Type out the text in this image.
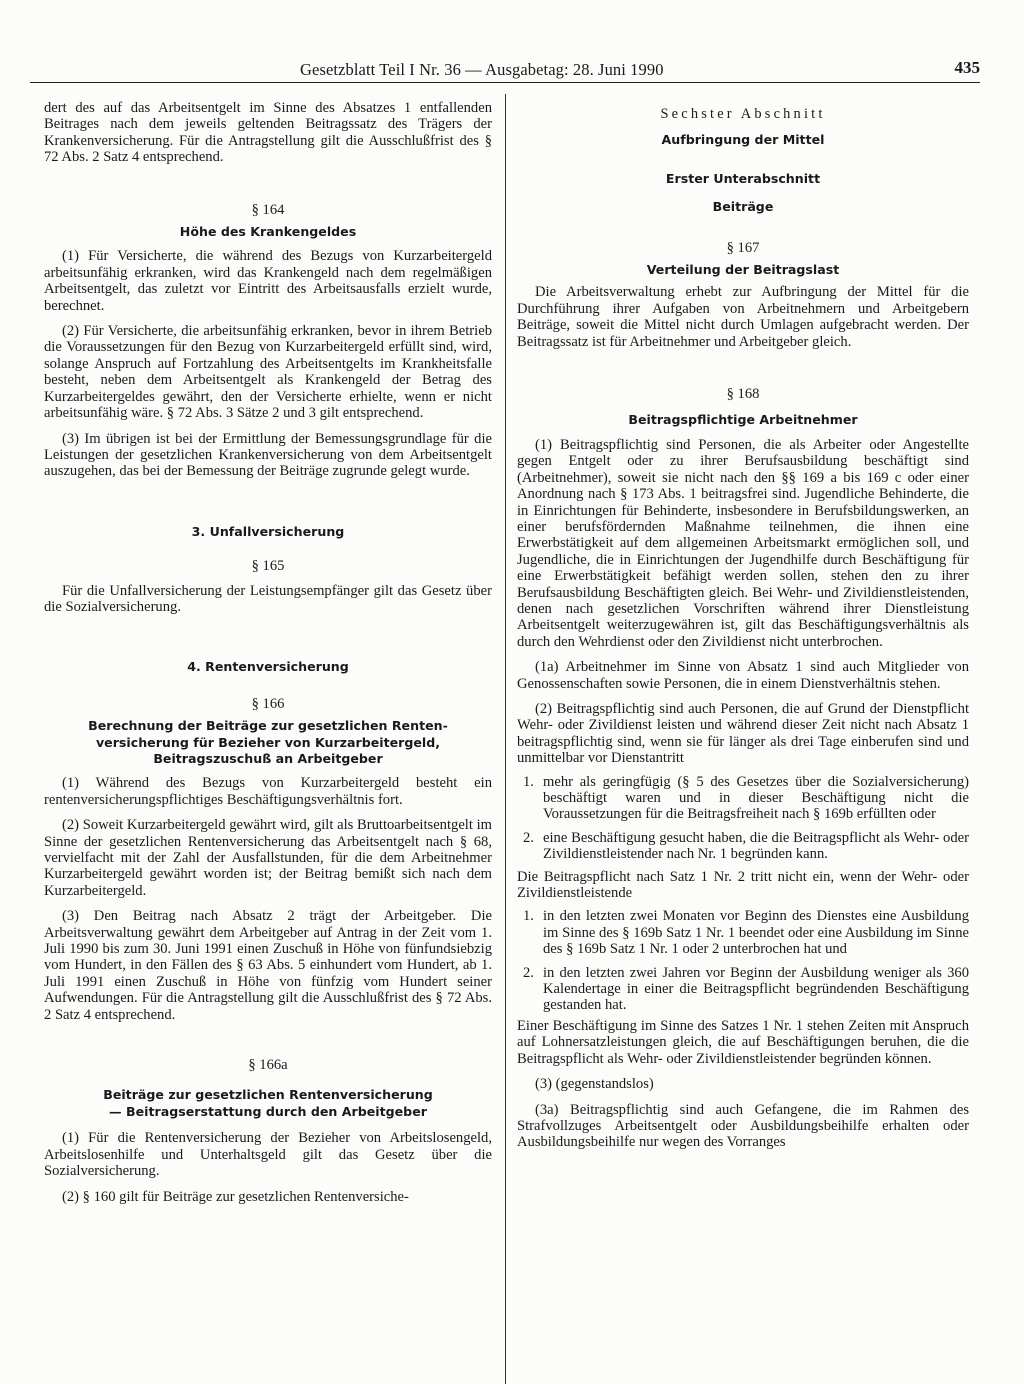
Gesetzblatt Teil I Nr. 36 — Ausgabetag: 28. Juni 1990	435

dert des auf das Arbeitsentgelt im Sinne des Absatzes 1 entfallenden Beitrages nach dem jeweils geltenden Beitragssatz des Trägers der Krankenversicherung. Für die Antragstellung gilt die Ausschlußfrist des § 72 Abs. 2 Satz 4 entsprechend.

§ 164
Höhe des Krankengeldes

(1) Für Versicherte, die während des Bezugs von Kurzarbeitergeld arbeitsunfähig erkranken, wird das Krankengeld nach dem regelmäßigen Arbeitsentgelt, das zuletzt vor Eintritt des Arbeitsausfalls erzielt wurde, berechnet.

(2) Für Versicherte, die arbeitsunfähig erkranken, bevor in ihrem Betrieb die Voraussetzungen für den Bezug von Kurzarbeitergeld erfüllt sind, wird, solange Anspruch auf Fortzahlung des Arbeitsentgelts im Krankheitsfalle besteht, neben dem Arbeitsentgelt als Krankengeld der Betrag des Kurzarbeitergeldes gewährt, den der Versicherte erhielte, wenn er nicht arbeitsunfähig wäre. § 72 Abs. 3 Sätze 2 und 3 gilt entsprechend.

(3) Im übrigen ist bei der Ermittlung der Bemessungsgrundlage für die Leistungen der gesetzlichen Krankenversicherung von dem Arbeitsentgelt auszugehen, das bei der Bemessung der Beiträge zugrunde gelegt wurde.

3. Unfallversicherung
§ 165

Für die Unfallversicherung der Leistungsempfänger gilt das Gesetz über die Sozialversicherung.

4. Rentenversicherung
§ 166
Berechnung der Beiträge zur gesetzlichen Renten-
versicherung für Bezieher von Kurzarbeitergeld,
Beitragszuschuß an Arbeitgeber

(1) Während des Bezugs von Kurzarbeitergeld besteht ein rentenversicherungspflichtiges Beschäftigungsverhältnis fort.

(2) Soweit Kurzarbeitergeld gewährt wird, gilt als Bruttoarbeitsentgelt im Sinne der gesetzlichen Rentenversicherung das Arbeitsentgelt nach § 68, vervielfacht mit der Zahl der Ausfallstunden, für die dem Arbeitnehmer Kurzarbeitergeld gewährt worden ist; der Beitrag bemißt sich nach dem Kurzarbeitergeld.

(3) Den Beitrag nach Absatz 2 trägt der Arbeitgeber. Die Arbeitsverwaltung gewährt dem Arbeitgeber auf Antrag in der Zeit vom 1. Juli 1990 bis zum 30. Juni 1991 einen Zuschuß in Höhe von fünfundsiebzig vom Hundert, in den Fällen des § 63 Abs. 5 einhundert vom Hundert, ab 1. Juli 1991 einen Zuschuß in Höhe von fünfzig vom Hundert seiner Aufwendungen. Für die Antragstellung gilt die Ausschlußfrist des § 72 Abs. 2 Satz 4 entsprechend.

§ 166a
Beiträge zur gesetzlichen Rentenversicherung
— Beitragserstattung durch den Arbeitgeber

(1) Für die Rentenversicherung der Bezieher von Arbeitslosengeld, Arbeitslosenhilfe und Unterhaltsgeld gilt das Gesetz über die Sozialversicherung.

(2) § 160 gilt für Beiträge zur gesetzlichen Rentenversiche-

Sechster Abschnitt
Aufbringung der Mittel
Erster Unterabschnitt
Beiträge
§ 167
Verteilung der Beitragslast

Die Arbeitsverwaltung erhebt zur Aufbringung der Mittel für die Durchführung ihrer Aufgaben von Arbeitnehmern und Arbeitgebern Beiträge, soweit die Mittel nicht durch Umlagen aufgebracht werden. Der Beitragssatz ist für Arbeitnehmer und Arbeitgeber gleich.

§ 168
Beitragspflichtige Arbeitnehmer

(1) Beitragspflichtig sind Personen, die als Arbeiter oder Angestellte gegen Entgelt oder zu ihrer Berufsausbildung beschäftigt sind (Arbeitnehmer), soweit sie nicht nach den §§ 169 a bis 169 c oder einer Anordnung nach § 173 Abs. 1 beitragsfrei sind. Jugendliche Behinderte, die in Einrichtungen für Behinderte, insbesondere in Berufsbildungswerken, an einer berufsfördernden Maßnahme teilnehmen, die ihnen eine Erwerbstätigkeit auf dem allgemeinen Arbeitsmarkt ermöglichen soll, und Jugendliche, die in Einrichtungen der Jugendhilfe durch Beschäftigung für eine Erwerbstätigkeit befähigt werden sollen, stehen den zu ihrer Berufsausbildung Beschäftigten gleich. Bei Wehr- und Zivildienstleistenden, denen nach gesetzlichen Vorschriften während ihrer Dienstleistung Arbeitsentgelt weiterzugewähren ist, gilt das Beschäftigungsverhältnis als durch den Wehrdienst oder den Zivildienst nicht unterbrochen.

(1a) Arbeitnehmer im Sinne von Absatz 1 sind auch Mitglieder von Genossenschaften sowie Personen, die in einem Dienstverhältnis stehen.

(2) Beitragspflichtig sind auch Personen, die auf Grund der Dienstpflicht Wehr- oder Zivildienst leisten und während dieser Zeit nicht nach Absatz 1 beitragspflichtig sind, wenn sie für länger als drei Tage einberufen sind und unmittelbar vor Dienstantritt

1. mehr als geringfügig (§ 5 des Gesetzes über die Sozialversicherung) beschäftigt waren und in dieser Beschäftigung nicht die Voraussetzungen für die Beitragsfreiheit nach § 169b erfüllten oder
2. eine Beschäftigung gesucht haben, die die Beitragspflicht als Wehr- oder Zivildienstleistender nach Nr. 1 begründen kann.

Die Beitragspflicht nach Satz 1 Nr. 2 tritt nicht ein, wenn der Wehr- oder Zivildienstleistende

1. in den letzten zwei Monaten vor Beginn des Dienstes eine Ausbildung im Sinne des § 169b Satz 1 Nr. 1 beendet oder eine Ausbildung im Sinne des § 169b Satz 1 Nr. 1 oder 2 unterbrochen hat und
2. in den letzten zwei Jahren vor Beginn der Ausbildung weniger als 360 Kalendertage in einer die Beitragspflicht begründenden Beschäftigung gestanden hat.

Einer Beschäftigung im Sinne des Satzes 1 Nr. 1 stehen Zeiten mit Anspruch auf Lohnersatzleistungen gleich, die auf Beschäftigungen beruhen, die die Beitragspflicht als Wehr- oder Zivildienstleistender begründen können.

(3) (gegenstandslos)

(3a) Beitragspflichtig sind auch Gefangene, die im Rahmen des Strafvollzuges Arbeitsentgelt oder Ausbildungsbeihilfe erhalten oder Ausbildungsbeihilfe nur wegen des Vorranges
